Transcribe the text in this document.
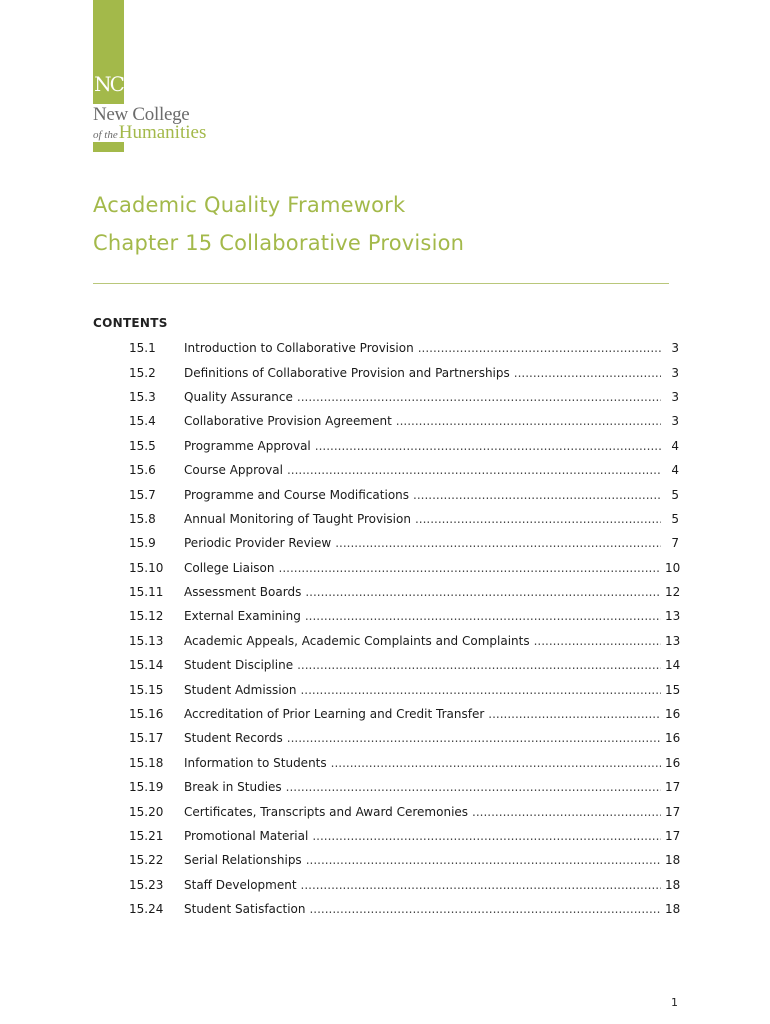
NC
New College
of theHumanities
Academic Quality Framework
Chapter 15 Collaborative Provision
CONTENTS
15.1	Introduction to Collaborative Provision .....	3
15.2	Definitions of Collaborative Provision and Partnerships .....	3
15.3	Quality Assurance .....	3
15.4	Collaborative Provision Agreement .....	3
15.5	Programme Approval .....	4
15.6	Course Approval .....	4
15.7	Programme and Course Modifications .....	5
15.8	Annual Monitoring of Taught Provision .....	5
15.9	Periodic Provider Review .....	7
15.10	College Liaison .....	10
15.11	Assessment Boards .....	12
15.12	External Examining .....	13
15.13	Academic Appeals, Academic Complaints and Complaints .....	13
15.14	Student Discipline .....	14
15.15	Student Admission .....	15
15.16	Accreditation of Prior Learning and Credit Transfer .....	16
15.17	Student Records .....	16
15.18	Information to Students .....	16
15.19	Break in Studies .....	17
15.20	Certificates, Transcripts and Award Ceremonies .....	17
15.21	Promotional Material .....	17
15.22	Serial Relationships .....	18
15.23	Staff Development .....	18
15.24	Student Satisfaction .....	18
1
